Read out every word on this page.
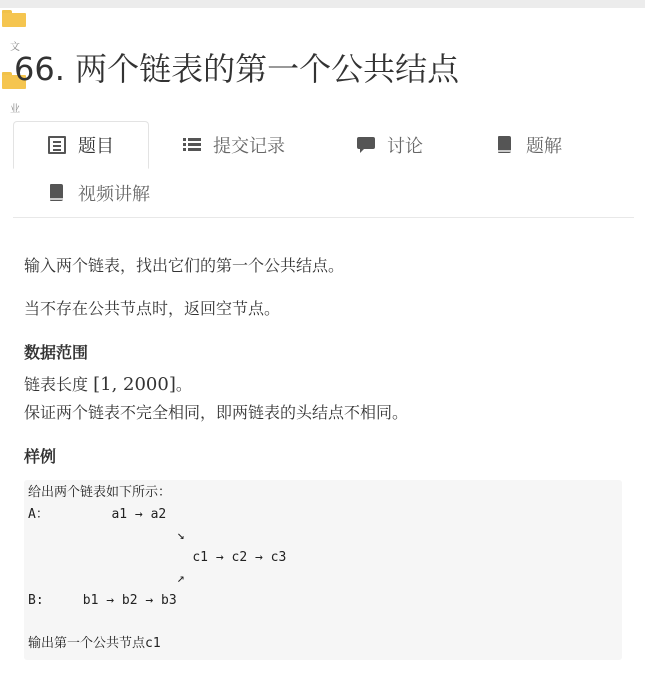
文
业
66. 两个链表的第一个公共结点
题目	提交记录	讨论	题解
视频讲解
输入两个链表，找出它们的第一个公共结点。
当不存在公共节点时，返回空节点。
数据范围
链表长度 [1, 2000]。
保证两个链表不完全相同，即两链表的头结点不相同。
样例
给出两个链表如下所示：
A：        a1 → a2
↘
c1 → c2 → c3
↗
B:     b1 → b2 → b3

输出第一个公共节点c1
